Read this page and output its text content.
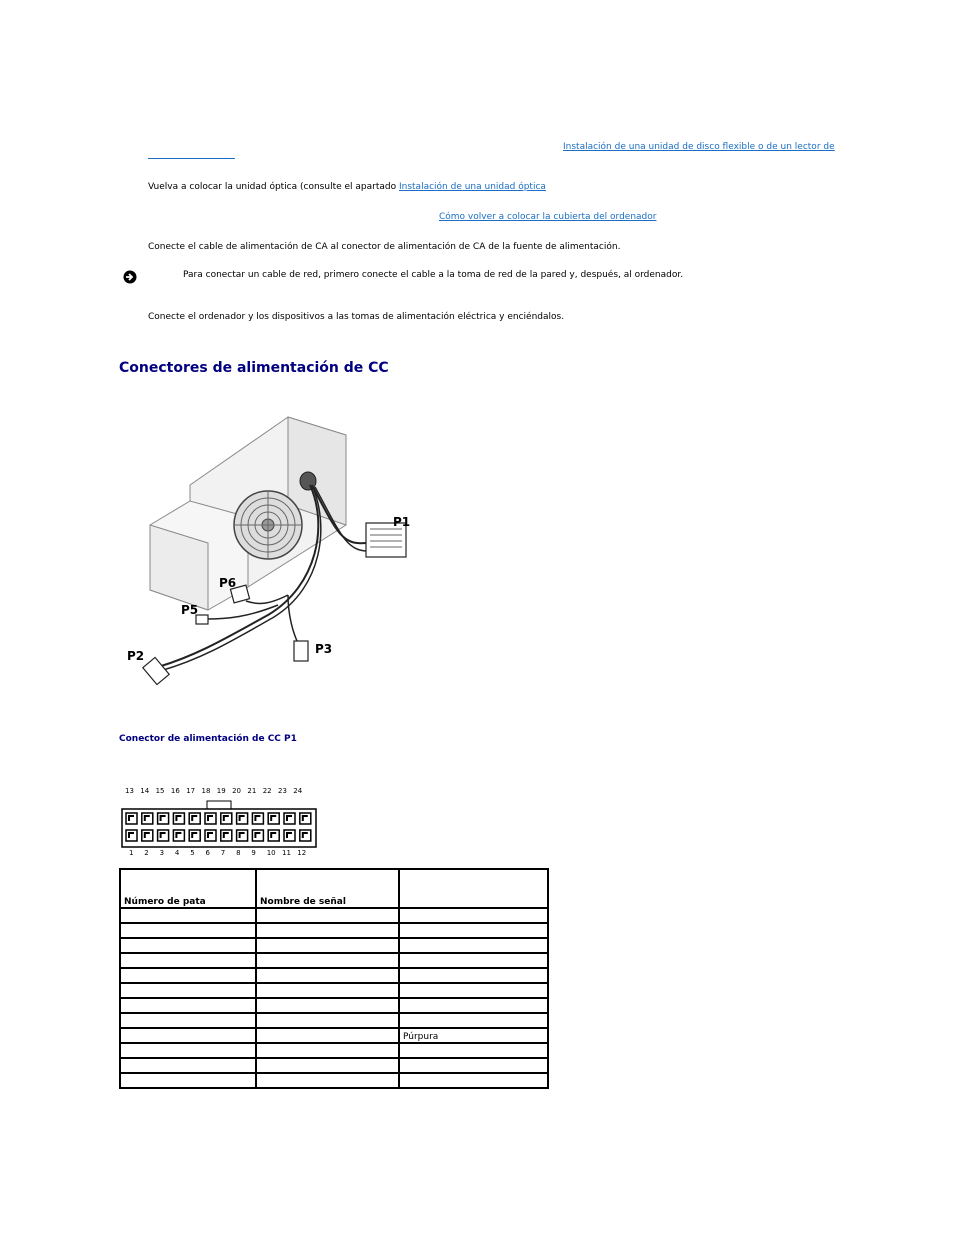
Instalación de una unidad de disco flexible o de un lector de
Vuelva a colocar la unidad óptica (consulte el apartado Instalación de una unidad óptica
Cómo volver a colocar la cubierta del ordenador
Conecte el cable de alimentación de CA al conector de alimentación de CA de la fuente de alimentación.
Para conectar un cable de red, primero conecte el cable a la toma de red de la pared y, después, al ordenador.
Conecte el ordenador y los dispositivos a las tomas de alimentación eléctrica y enciéndalos.
Conectores de alimentación de CC
P1
P6
P5
P3
P2
Conector de alimentación de CC P1
13 14 15 16 17 18 19 20 21 22 23 24
1 2 3 4 5 6 7 8 9 10 11 12
Número de pata	Nombre de señal	

		Púrpura
